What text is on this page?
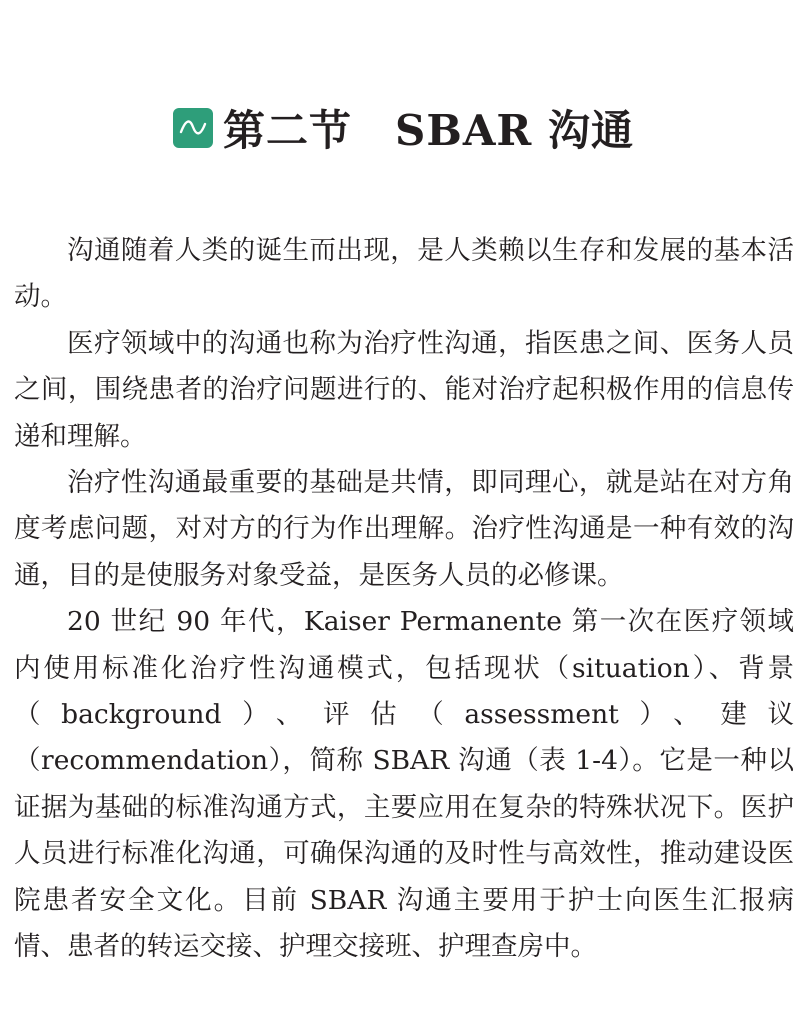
第二节　SBAR 沟通

沟通随着人类的诞生而出现，是人类赖以生存和发展的基本活动。

医疗领域中的沟通也称为治疗性沟通，指医患之间、医务人员之间，围绕患者的治疗问题进行的、能对治疗起积极作用的信息传递和理解。

治疗性沟通最重要的基础是共情，即同理心，就是站在对方角度考虑问题，对对方的行为作出理解。治疗性沟通是一种有效的沟通，目的是使服务对象受益，是医务人员的必修课。

20 世纪 90 年代，Kaiser Permanente 第一次在医疗领域内使用标准化治疗性沟通模式，包括现状（situation）、背景（background）、评估（assessment）、建议（recommendation），简称 SBAR 沟通（表 1-4）。它是一种以证据为基础的标准沟通方式，主要应用在复杂的特殊状况下。医护人员进行标准化沟通，可确保沟通的及时性与高效性，推动建设医院患者安全文化。目前 SBAR 沟通主要用于护士向医生汇报病情、患者的转运交接、护理交接班、护理查房中。
